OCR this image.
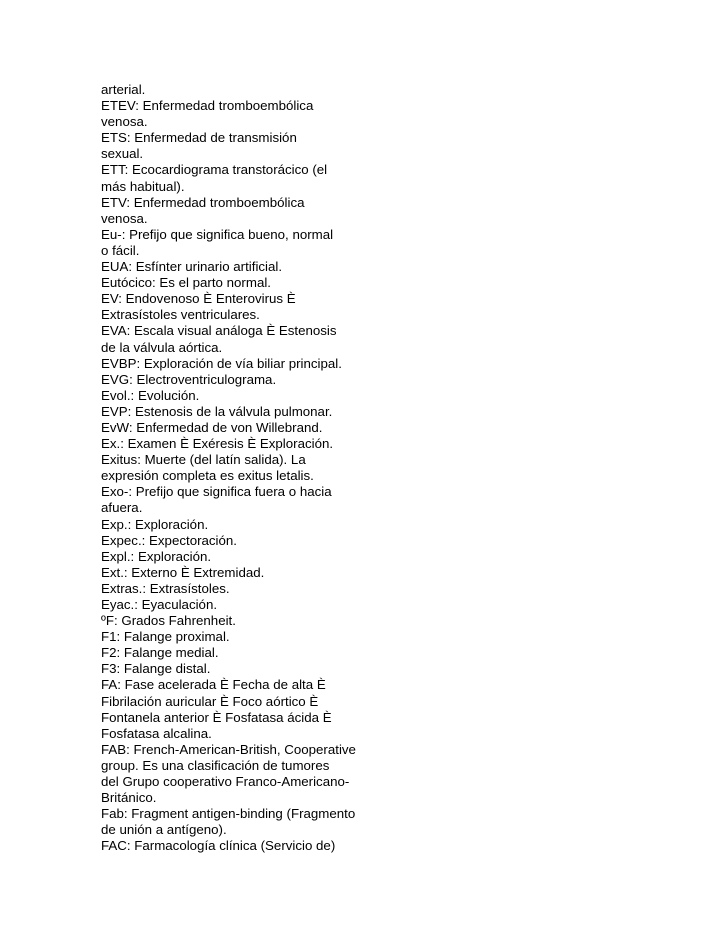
arterial.
ETEV: Enfermedad tromboembólica
venosa.
ETS: Enfermedad de transmisión
sexual.
ETT: Ecocardiograma transtorácico (el
más habitual).
ETV: Enfermedad tromboembólica
venosa.
Eu-: Prefijo que significa bueno, normal
o fácil.
EUA: Esfínter urinario artificial.
Eutócico: Es el parto normal.
EV: Endovenoso È Enterovirus È
Extrasístoles ventriculares.
EVA: Escala visual análoga È Estenosis
de la válvula aórtica.
EVBP: Exploración de vía biliar principal.
EVG: Electroventriculograma.
Evol.: Evolución.
EVP: Estenosis de la válvula pulmonar.
EvW: Enfermedad de von Willebrand.
Ex.: Examen È Exéresis È Exploración.
Exitus: Muerte (del latín salida). La
expresión completa es exitus letalis.
Exo-: Prefijo que significa fuera o hacia
afuera.
Exp.: Exploración.
Expec.: Expectoración.
Expl.: Exploración.
Ext.: Externo È Extremidad.
Extras.: Extrasístoles.
Eyac.: Eyaculación.
ºF: Grados Fahrenheit.
F1: Falange proximal.
F2: Falange medial.
F3: Falange distal.
FA: Fase acelerada È Fecha de alta È
Fibrilación auricular È Foco aórtico È
Fontanela anterior È Fosfatasa ácida È
Fosfatasa alcalina.
FAB: French-American-British, Cooperative
group. Es una clasificación de tumores
del Grupo cooperativo Franco-Americano-
Británico.
Fab: Fragment antigen-binding (Fragmento
de unión a antígeno).
FAC: Farmacología clínica (Servicio de)
